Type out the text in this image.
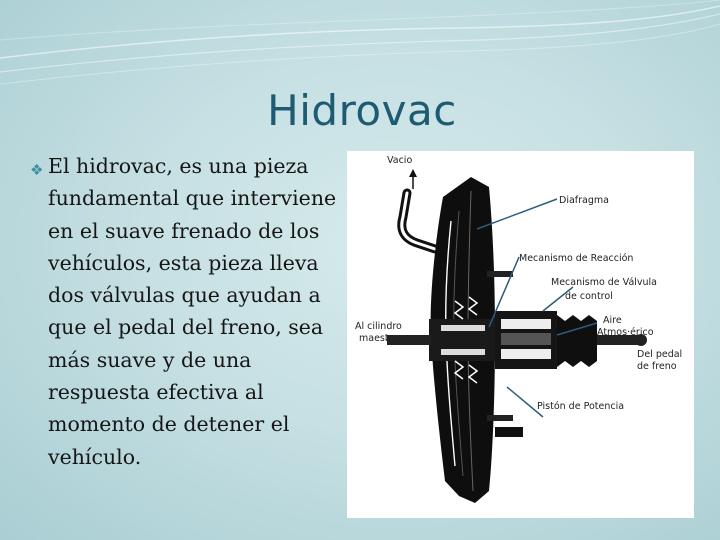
Hidrovac
❖ El hidrovac, es una pieza fundamental que interviene en el suave frenado de los vehículos, esta pieza lleva dos válvulas que ayudan a que el pedal del freno, sea más suave y de una respuesta efectiva al momento de detener el vehículo.
Vacio
Diafragma
Mecanismo de Reacción
Mecanismo de Válvula
de control
Aire
Atmos·érico
Al cilindro
maestro
Del pedal
de freno
Pistón de Potencia
